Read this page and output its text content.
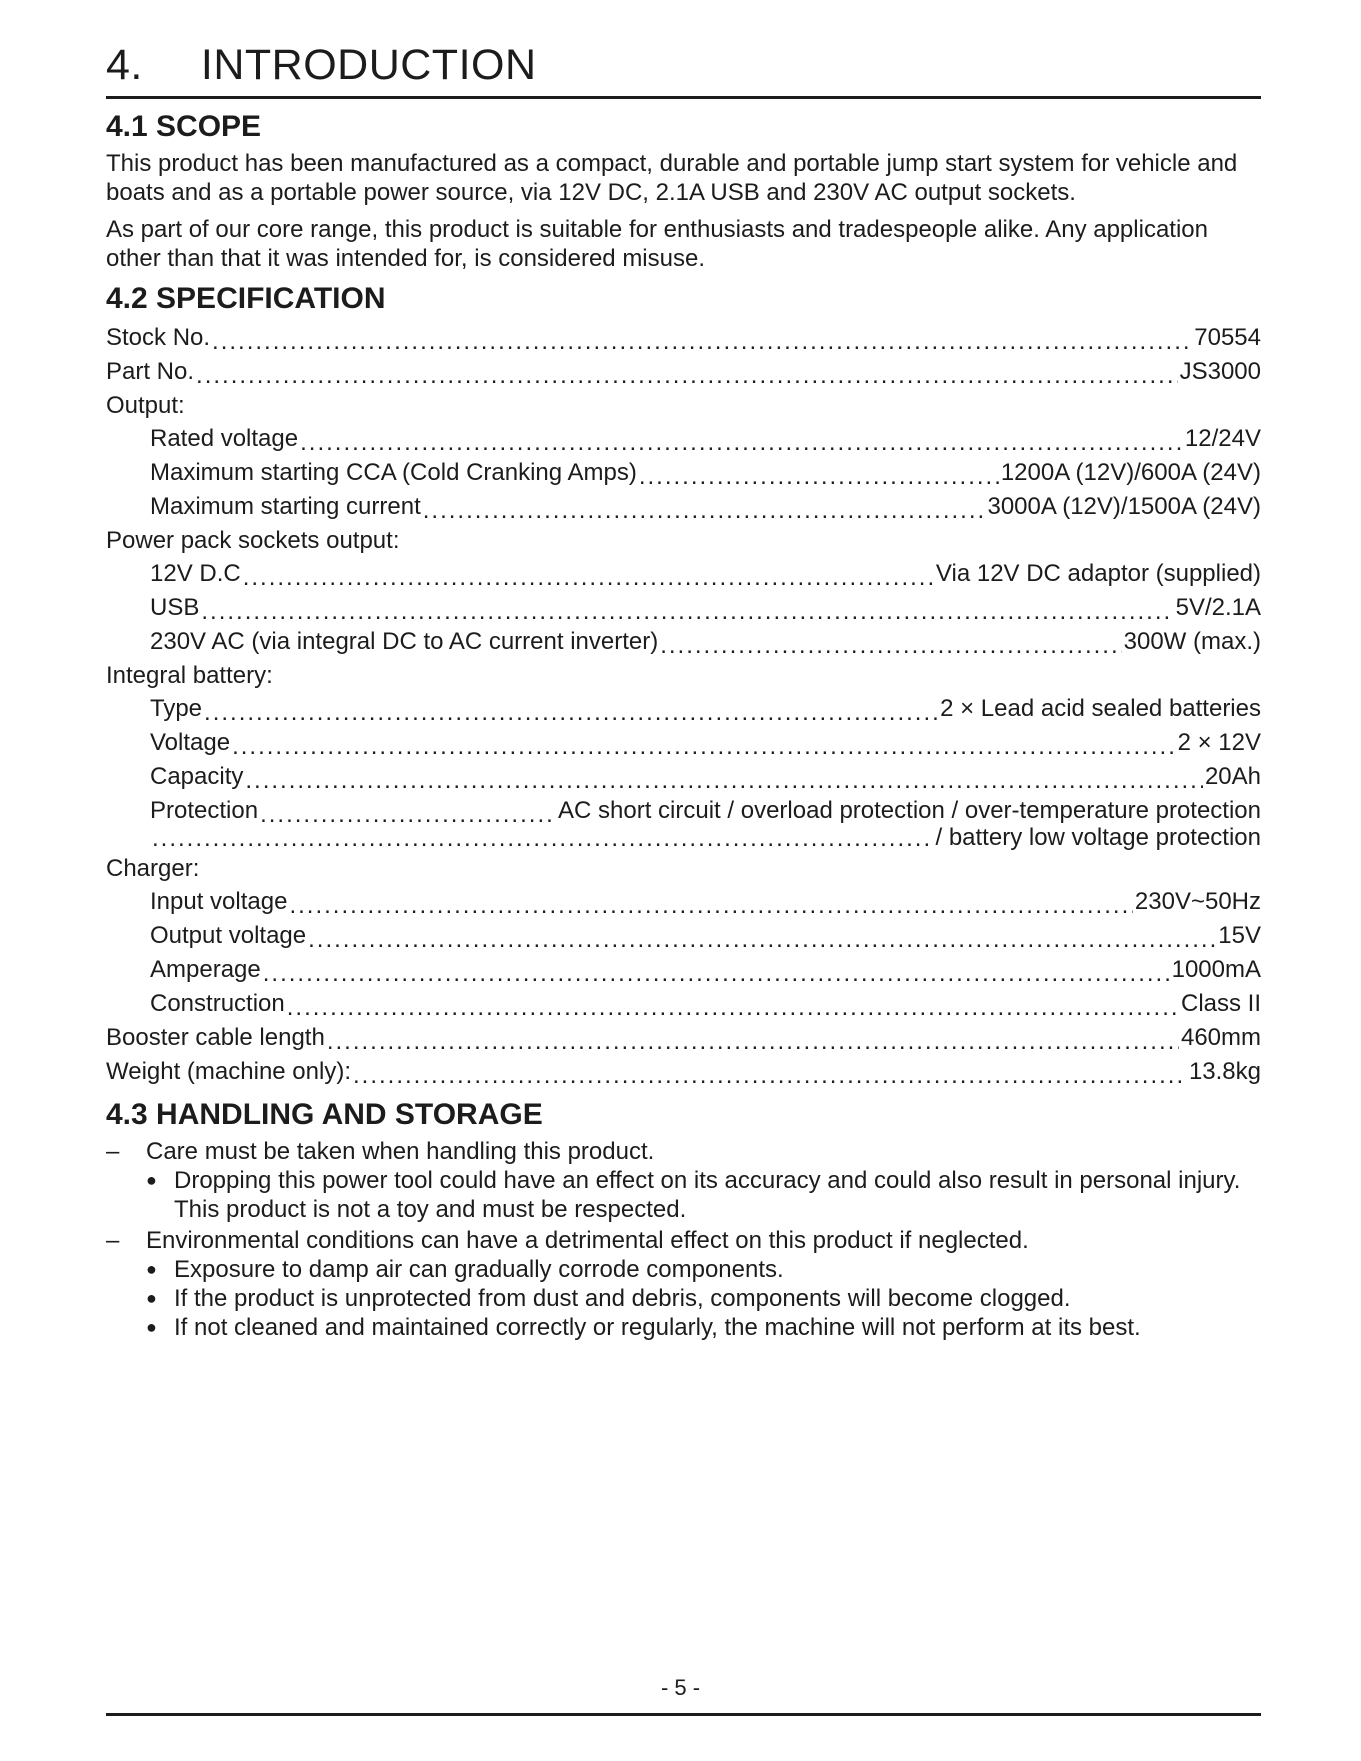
4. INTRODUCTION
4.1 SCOPE

This product has been manufactured as a compact, durable and portable jump start system for vehicle and boats and as a portable power source, via 12V DC, 2.1A USB and 230V AC output sockets.

As part of our core range, this product is suitable for enthusiasts and tradespeople alike. Any application other than that it was intended for, is considered misuse.

4.2 SPECIFICATION
Stock No. .....	70554
Part No. .....	JS3000
Output:
Rated voltage .....	12/24V
Maximum starting CCA (Cold Cranking Amps) .....	1200A (12V)/600A (24V)
Maximum starting current .....	3000A (12V)/1500A (24V)
Power pack sockets output:
12V D.C .....	Via 12V DC adaptor (supplied)
USB .....	5V/2.1A
230V AC (via integral DC to AC current inverter) .....	300W (max.)
Integral battery:
Type .....	2 × Lead acid sealed batteries
Voltage .....	2 × 12V
Capacity .....	20Ah
Protection .....	AC short circuit / overload protection / over-temperature protection
.....
/ battery low voltage protection
Charger:
Input voltage .....	230V~50Hz
Output voltage .....	15V
Amperage .....	1000mA
Construction .....	Class II
Booster cable length .....	460mm
Weight (machine only): .....	13.8kg
4.3 HANDLING AND STORAGE
–	Care must be taken when handling this product.
● Dropping this power tool could have an effect on its accuracy and could also result in personal injury. This product is not a toy and must be respected.
–	Environmental conditions can have a detrimental effect on this product if neglected.
● Exposure to damp air can gradually corrode components.
● If the product is unprotected from dust and debris, components will become clogged.
● If not cleaned and maintained correctly or regularly, the machine will not perform at its best.
- 5 -
